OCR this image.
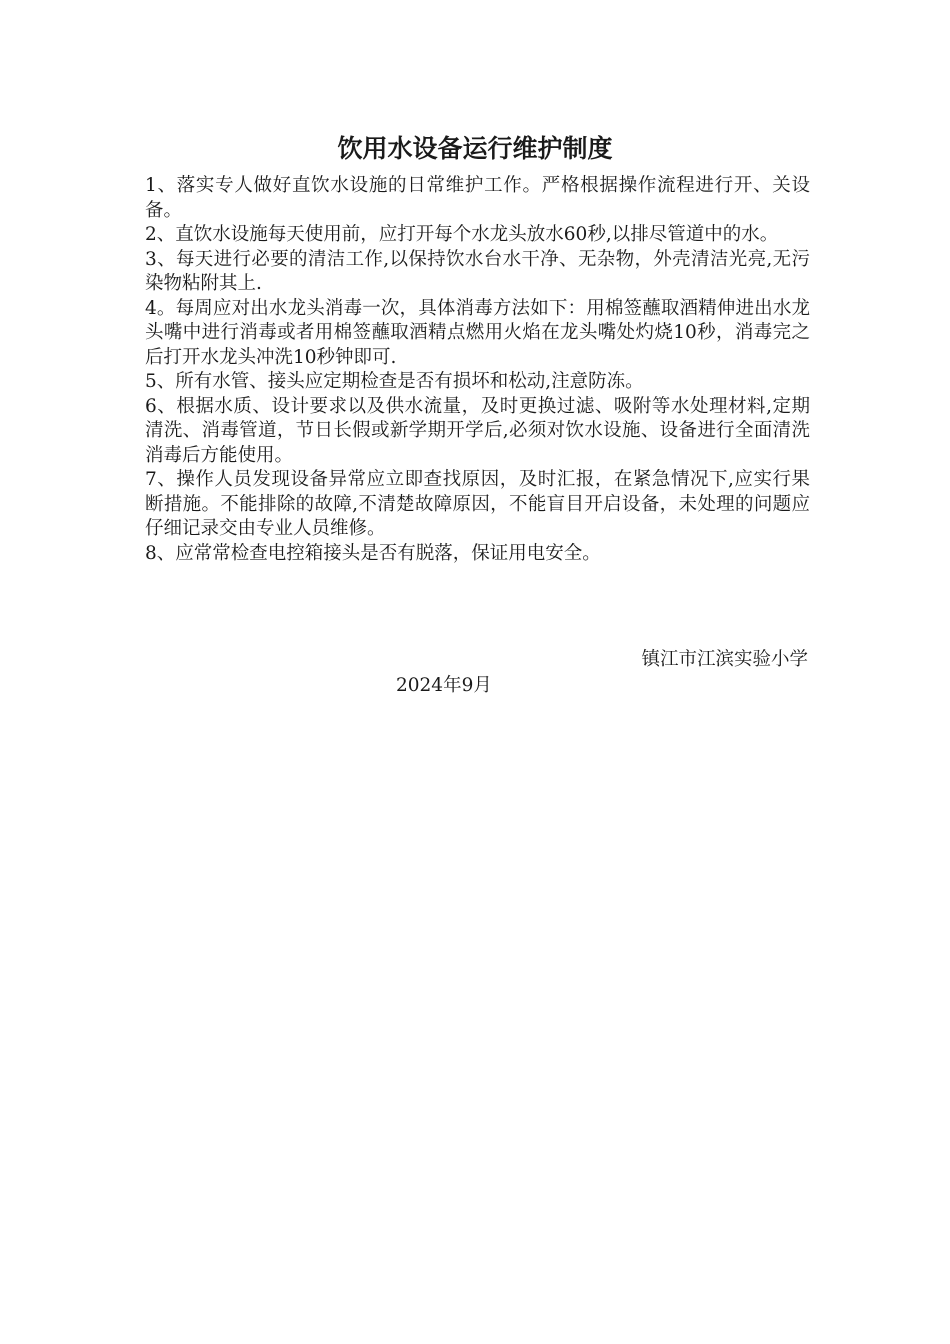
饮用水设备运行维护制度

1、落实专人做好直饮水设施的日常维护工作。严格根据操作流程进行开、关设备。

2、直饮水设施每天使用前，应打开每个水龙头放水60秒,以排尽管道中的水。

3、每天进行必要的清洁工作,以保持饮水台水干净、无杂物，外壳清洁光亮,无污染物粘附其上.

4。每周应对出水龙头消毒一次，具体消毒方法如下：用棉签蘸取酒精伸进出水龙头嘴中进行消毒或者用棉签蘸取酒精点燃用火焰在龙头嘴处灼烧10秒，消毒完之后打开水龙头冲洗10秒钟即可.

5、所有水管、接头应定期检查是否有损坏和松动,注意防冻。

6、根据水质、设计要求以及供水流量，及时更换过滤、吸附等水处理材料,定期清洗、消毒管道，节日长假或新学期开学后,必须对饮水设施、设备进行全面清洗消毒后方能使用。

7、操作人员发现设备异常应立即查找原因，及时汇报，在紧急情况下,应实行果断措施。不能排除的故障,不清楚故障原因，不能盲目开启设备，未处理的问题应仔细记录交由专业人员维修。

8、应常常检查电控箱接头是否有脱落，保证用电安全。

镇江市江滨实验小学

2024年9月
